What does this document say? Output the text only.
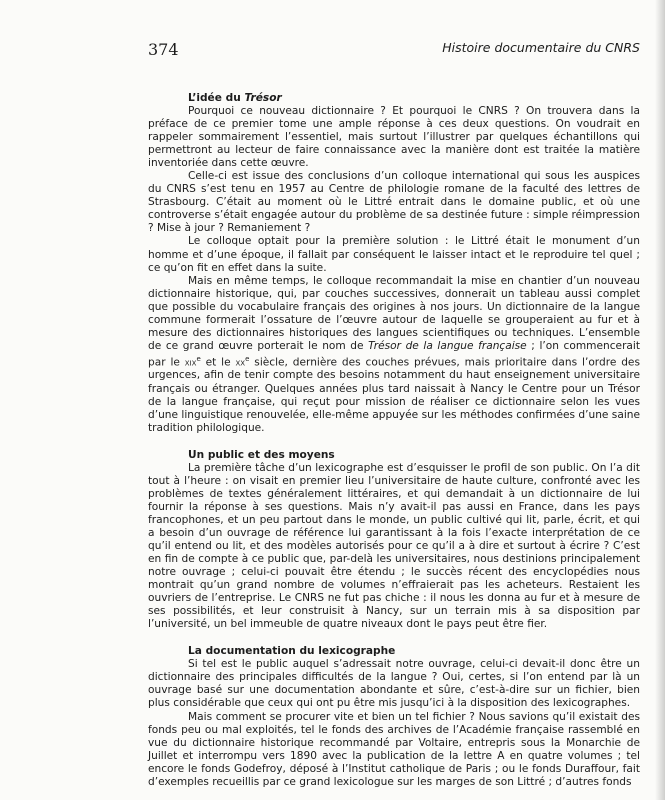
374	Histoire documentaire du CNRS

L’idée du Trésor

Pourquoi ce nouveau dictionnaire ? Et pourquoi le CNRS ? On trouvera dans la préface de ce premier tome une ample réponse à ces deux questions. On voudrait en rappeler sommairement l’essentiel, mais surtout l’illustrer par quelques échantillons qui permettront au lecteur de faire connaissance avec la manière dont est traitée la matière inventoriée dans cette œuvre.

Celle-ci est issue des conclusions d’un colloque international qui sous les auspices du CNRS s’est tenu en 1957 au Centre de philologie romane de la faculté des lettres de Strasbourg. C’était au moment où le Littré entrait dans le domaine public, et où une controverse s’était engagée autour du problème de sa destinée future : simple réimpression ? Mise à jour ? Remaniement ?

Le colloque optait pour la première solution : le Littré était le monument d’un homme et d’une époque, il fallait par conséquent le laisser intact et le reproduire tel quel ; ce qu’on fit en effet dans la suite.

Mais en même temps, le colloque recommandait la mise en chantier d’un nouveau dictionnaire historique, qui, par couches successives, donnerait un tableau aussi complet que possible du vocabulaire français des origines à nos jours. Un dictionnaire de la langue commune formerait l’ossature de l’œuvre autour de laquelle se grouperaient au fur et à mesure des dictionnaires historiques des langues scientifiques ou techniques. L’ensemble de ce grand œuvre porterait le nom de Trésor de la langue française ; l’on commencerait par le xix$^e$ et le $xx^e$ siècle, dernière des couches prévues, mais prioritaire dans l’ordre des urgences, afin de tenir compte des besoins notamment du haut enseignement universitaire français ou étranger. Quelques années plus tard naissait à Nancy le Centre pour un Trésor de la langue française, qui reçut pour mission de réaliser ce dictionnaire selon les vues d’une linguistique renouvelée, elle-même appuyée sur les méthodes confirmées d’une saine tradition philologique.

Un public et des moyens

La première tâche d’un lexicographe est d’esquisser le profil de son public. On l’a dit tout à l’heure : on visait en premier lieu l’universitaire de haute culture, confronté avec les problèmes de textes généralement littéraires, et qui demandait à un dictionnaire de lui fournir la réponse à ses questions. Mais n’y avait-il pas aussi en France, dans les pays francophones, et un peu partout dans le monde, un public cultivé qui lit, parle, écrit, et qui a besoin d’un ouvrage de référence lui garantissant à la fois l’exacte interprétation de ce qu’il entend ou lit, et des modèles autorisés pour ce qu’il a à dire et surtout à écrire ? C’est en fin de compte à ce public que, par-delà les universitaires, nous destinions principalement notre ouvrage ; celui-ci pouvait être étendu ; le succès récent des encyclopédies nous montrait qu’un grand nombre de volumes n’effraierait pas les acheteurs. Restaient les ouvriers de l’entreprise. Le CNRS ne fut pas chiche : il nous les donna au fur et à mesure de ses possibilités, et leur construisit à Nancy, sur un terrain mis à sa disposition par l’université, un bel immeuble de quatre niveaux dont le pays peut être fier.

La documentation du lexicographe

Si tel est le public auquel s’adressait notre ouvrage, celui-ci devait-il donc être un dictionnaire des principales difficultés de la langue ? Oui, certes, si l’on entend par là un ouvrage basé sur une documentation abondante et sûre, c’est-à-dire sur un fichier, bien plus considérable que ceux qui ont pu être mis jusqu’ici à la disposition des lexicographes.

Mais comment se procurer vite et bien un tel fichier ? Nous savions qu’il existait des fonds peu ou mal exploités, tel le fonds des archives de l’Académie française rassemblé en vue du dictionnaire historique recommandé par Voltaire, entrepris sous la Monarchie de Juillet et interrompu vers 1890 avec la publication de la lettre A en quatre volumes ; tel encore le fonds Godefroy, déposé à l’Institut catholique de Paris ; ou le fonds Duraffour, fait d’exemples recueillis par ce grand lexicologue sur les marges de son Littré ; d’autres fonds
